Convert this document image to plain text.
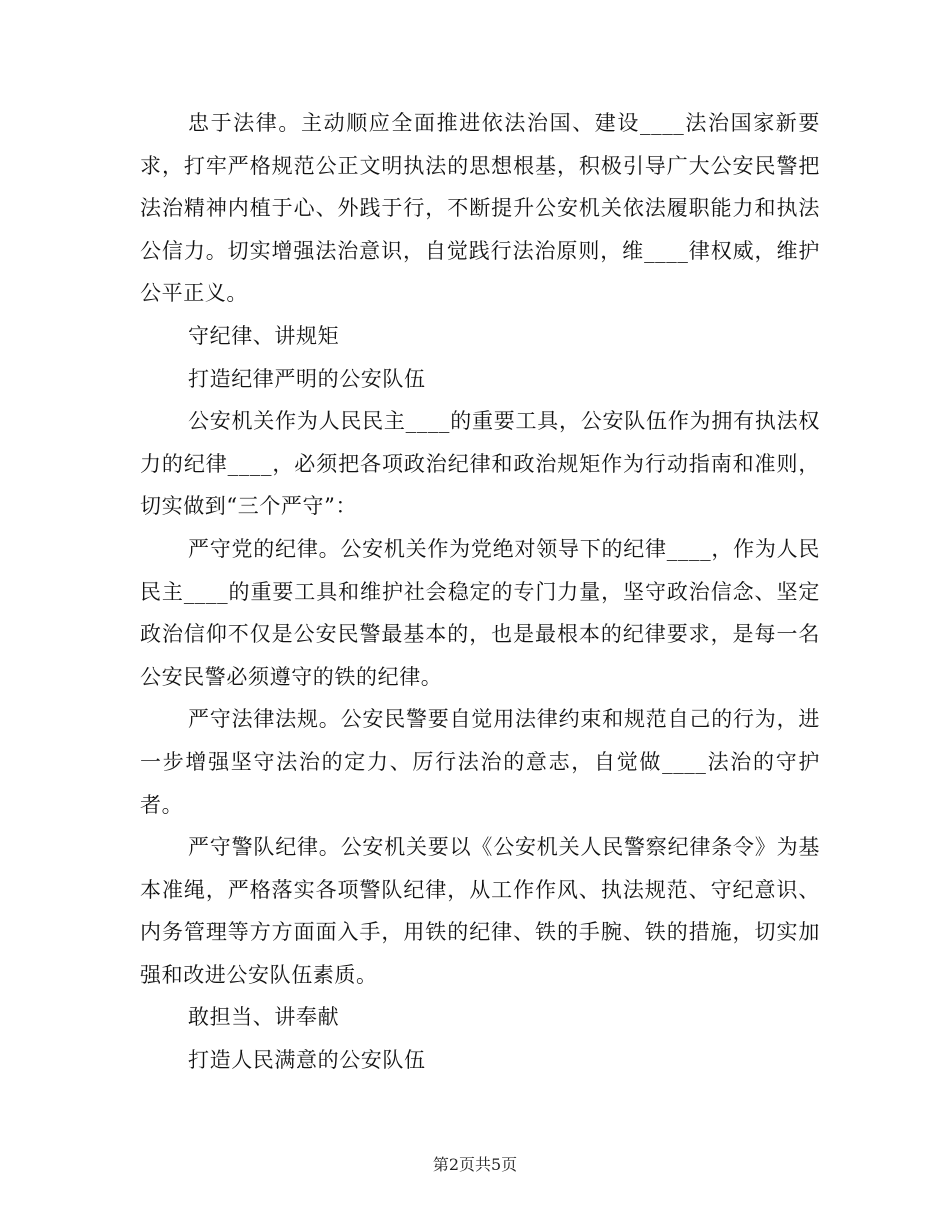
忠于法律。主动顺应全面推进依法治国、建设____法治国家新要求，打牢严格规范公正文明执法的思想根基，积极引导广大公安民警把法治精神内植于心、外践于行，不断提升公安机关依法履职能力和执法公信力。切实增强法治意识，自觉践行法治原则，维____律权威，维护公平正义。

守纪律、讲规矩

打造纪律严明的公安队伍

公安机关作为人民民主____的重要工具，公安队伍作为拥有执法权力的纪律____，必须把各项政治纪律和政治规矩作为行动指南和准则，切实做到“三个严守”：

严守党的纪律。公安机关作为党绝对领导下的纪律____，作为人民民主____的重要工具和维护社会稳定的专门力量，坚守政治信念、坚定政治信仰不仅是公安民警最基本的，也是最根本的纪律要求，是每一名公安民警必须遵守的铁的纪律。

严守法律法规。公安民警要自觉用法律约束和规范自己的行为，进一步增强坚守法治的定力、厉行法治的意志，自觉做____法治的守护者。

严守警队纪律。公安机关要以《公安机关人民警察纪律条令》为基本准绳，严格落实各项警队纪律，从工作作风、执法规范、守纪意识、内务管理等方方面面入手，用铁的纪律、铁的手腕、铁的措施，切实加强和改进公安队伍素质。

敢担当、讲奉献

打造人民满意的公安队伍

第2页共5页
